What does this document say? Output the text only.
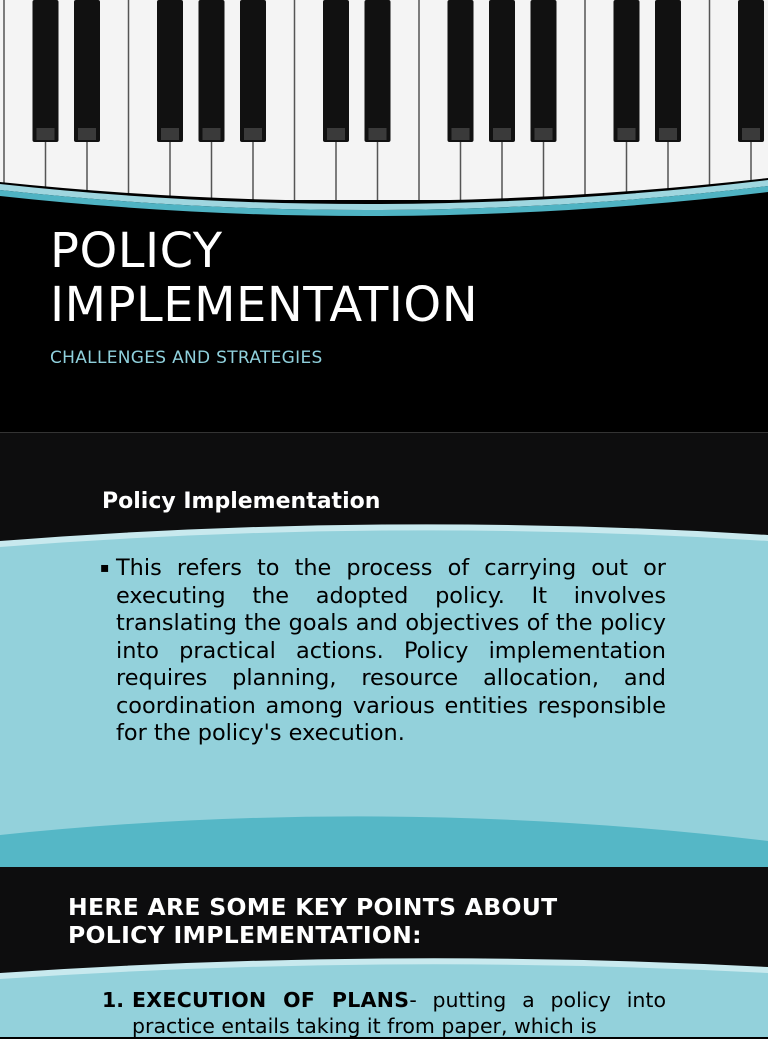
POLICY
IMPLEMENTATION
CHALLENGES AND STRATEGIES
Policy Implementation
▪ This refers to the process of carrying out or executing the adopted policy. It involves translating the goals and objectives of the policy into practical actions. Policy implementation requires planning, resource allocation, and coordination among various entities responsible for the policy's execution.
HERE ARE SOME KEY POINTS ABOUT
POLICY IMPLEMENTATION:
1. EXECUTION OF PLANS- putting a policy into practice entails taking it from paper, which is
